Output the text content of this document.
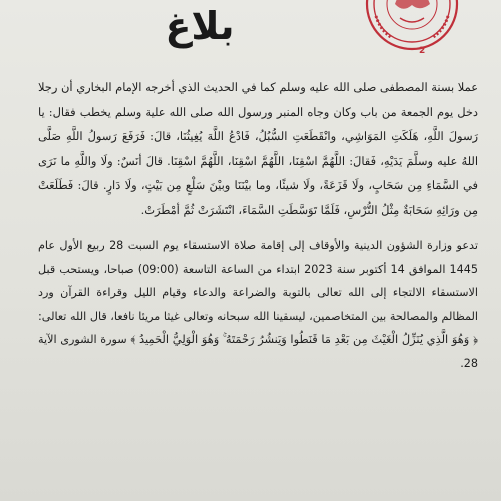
2
بلاغ

عملا بسنة المصطفى صلى الله عليه وسلم كما في الحديث الذي أخرجه الإمام البخاري أن رجلا دخل يوم الجمعة من باب وكان وجاه المنبر ورسول الله صلى الله علية وسلم يخطب فقال: يا رَسولَ اللَّهِ، هَلَكَتِ المَوَاشِي، وانْقَطَعَتِ السُّبُلُ، فَادْعُ اللَّهَ يُغِيثُنَا، قالَ: فَرَفَعَ رَسولُ اللَّهِ صَلَّى اللهُ عليه وسلَّمَ يَدَيْهِ، فَقالَ: اللَّهُمَّ اسْقِنَا، اللَّهُمَّ اسْقِنَا، اللَّهُمَّ اسْقِنَا. قالَ أنَسٌ: ولَا واللَّهِ ما نَرَى في السَّمَاءِ مِن سَحَابٍ، ولَا قَزَعَةً، ولَا شيئًا، وما بيْنَنَا وبيْنَ سَلْعٍ مِن بَيْتٍ، ولَا دَارٍ. قالَ: فَطَلَعَتْ مِن ورَائِهِ سَحَابَةٌ مِثْلُ التُّرْسِ، فَلَمَّا تَوَسَّطَتِ السَّمَاءَ، انْتَشَرَتْ ثُمَّ أمْطَرَتْ.

تدعو وزارة الشؤون الدينية والأوقاف إلى إقامة صلاة الاستسقاء يوم السبت 28 ربيع الأول عام 1445 الموافق 14 أكتوبر سنة 2023 ابتداء من الساعة التاسعة (09:00) صباحا، ويستحب قبل الاستسقاء الالتجاء إلى الله تعالى بالتوبة والضراعة والدعاء وقيام الليل وقراءة القرآن ورد المظالم والمصالحة بين المتخاصمين، ليسقينا الله سبحانه وتعالى غيثا مريئا نافعا، قال الله تعالى: ﴿ وَهُوَ الَّذِي يُنَزِّلُ الْغَيْثَ مِن بَعْدِ مَا قَنَطُوا وَيَنشُرُ رَحْمَتَهُ ۚ وَهُوَ الْوَلِيُّ الْحَمِيدُ ﴾ سورة الشورى الآية 28.
